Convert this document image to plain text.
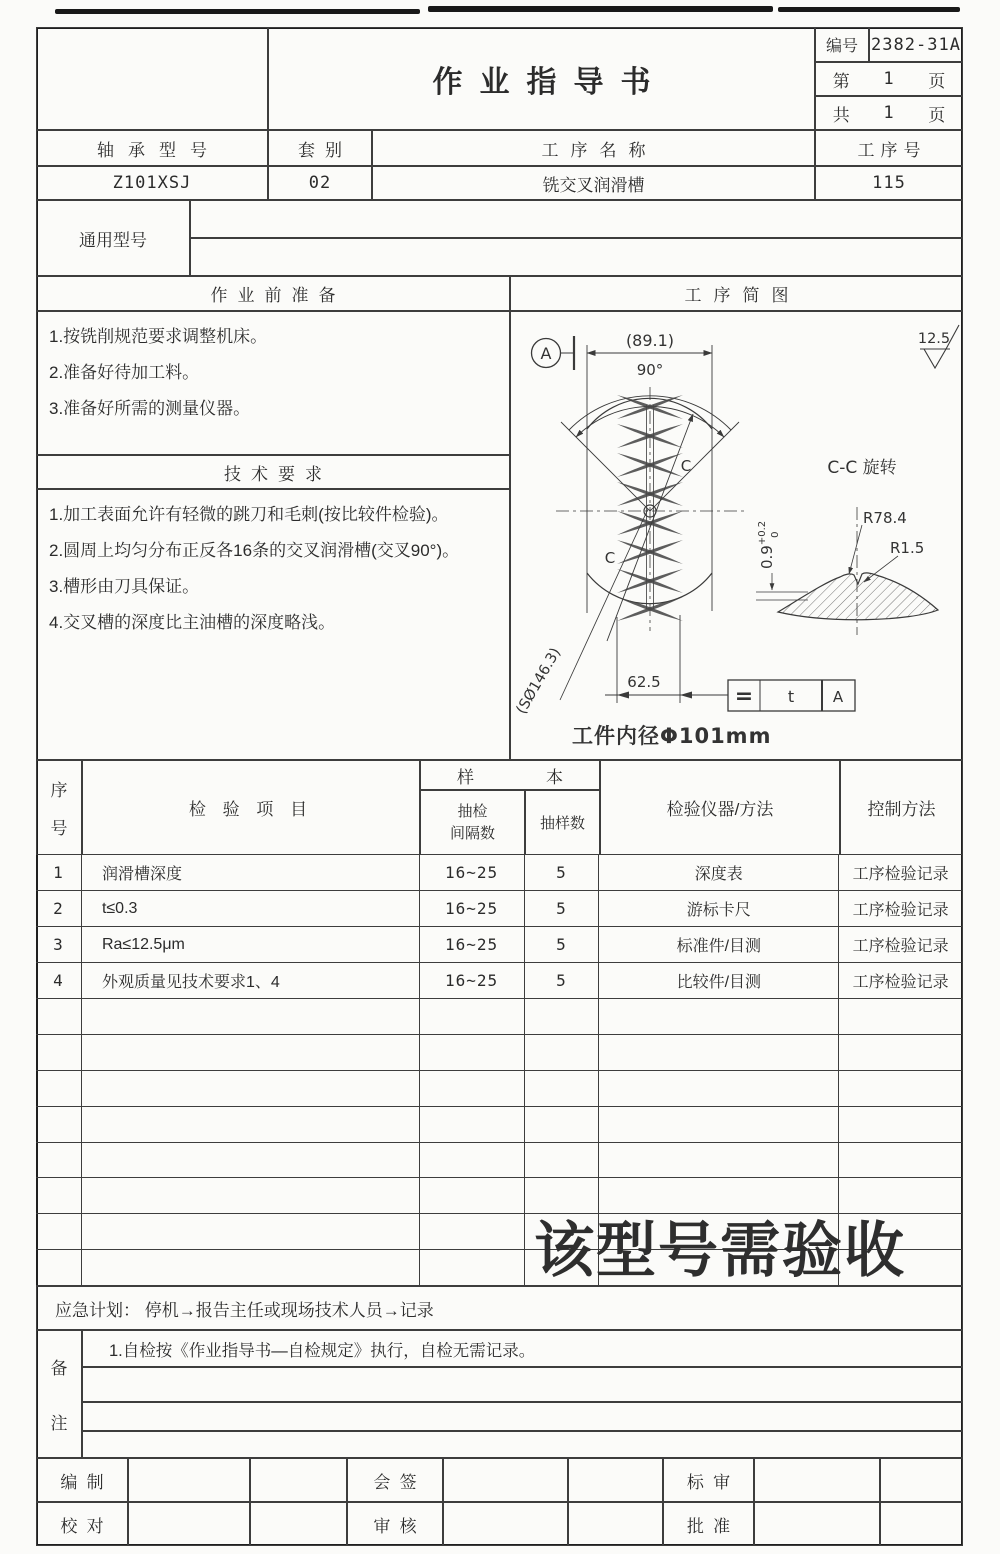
作业指导书
编号 2382-31A
第 1 页
共 1 页
轴承型号	套别	工序名称	工序号
Z101XSJ	02	铣交叉润滑槽	115
通用型号
作业前准备
1.按铣削规范要求调整机床。
2.准备好待加工料。
3.准备好所需的测量仪器。
技术要求
1.加工表面允许有轻微的跳刀和毛刺(按比较件检验)。
2.圆周上均匀分布正反各16条的交叉润滑槽(交叉90°)。
3.槽形由刀具保证。
4.交叉槽的深度比主油槽的深度略浅。
工序简图
A
(89.1)
90°
12.5
C
C
C-C 旋转
(SØ146.3)	62.5
$0.9^{+0.2}$ 0
R78.4
R1.5
= t	A
工件内径Φ101mm
序
号
检 验 项 目
样	本
抽检
间隔数
抽样数
检验仪器/方法	控制方法
1	润滑槽深度	16~25	5	深度表	工序检验记录
2	t≤0.3	16~25	5	游标卡尺	工序检验记录
3	Ra≤12.5μm	16~25	5	标准件/目测	工序检验记录
4	外观质量见技术要求1、4	16~25	5	比较件/目测	工序检验记录
该型号需验收
应急计划： 停机→报告主任或现场技术人员→记录
备
注
1.自检按《作业指导书—自检规定》执行，自检无需记录。
编制	会签	标审
校对	审核	批准
